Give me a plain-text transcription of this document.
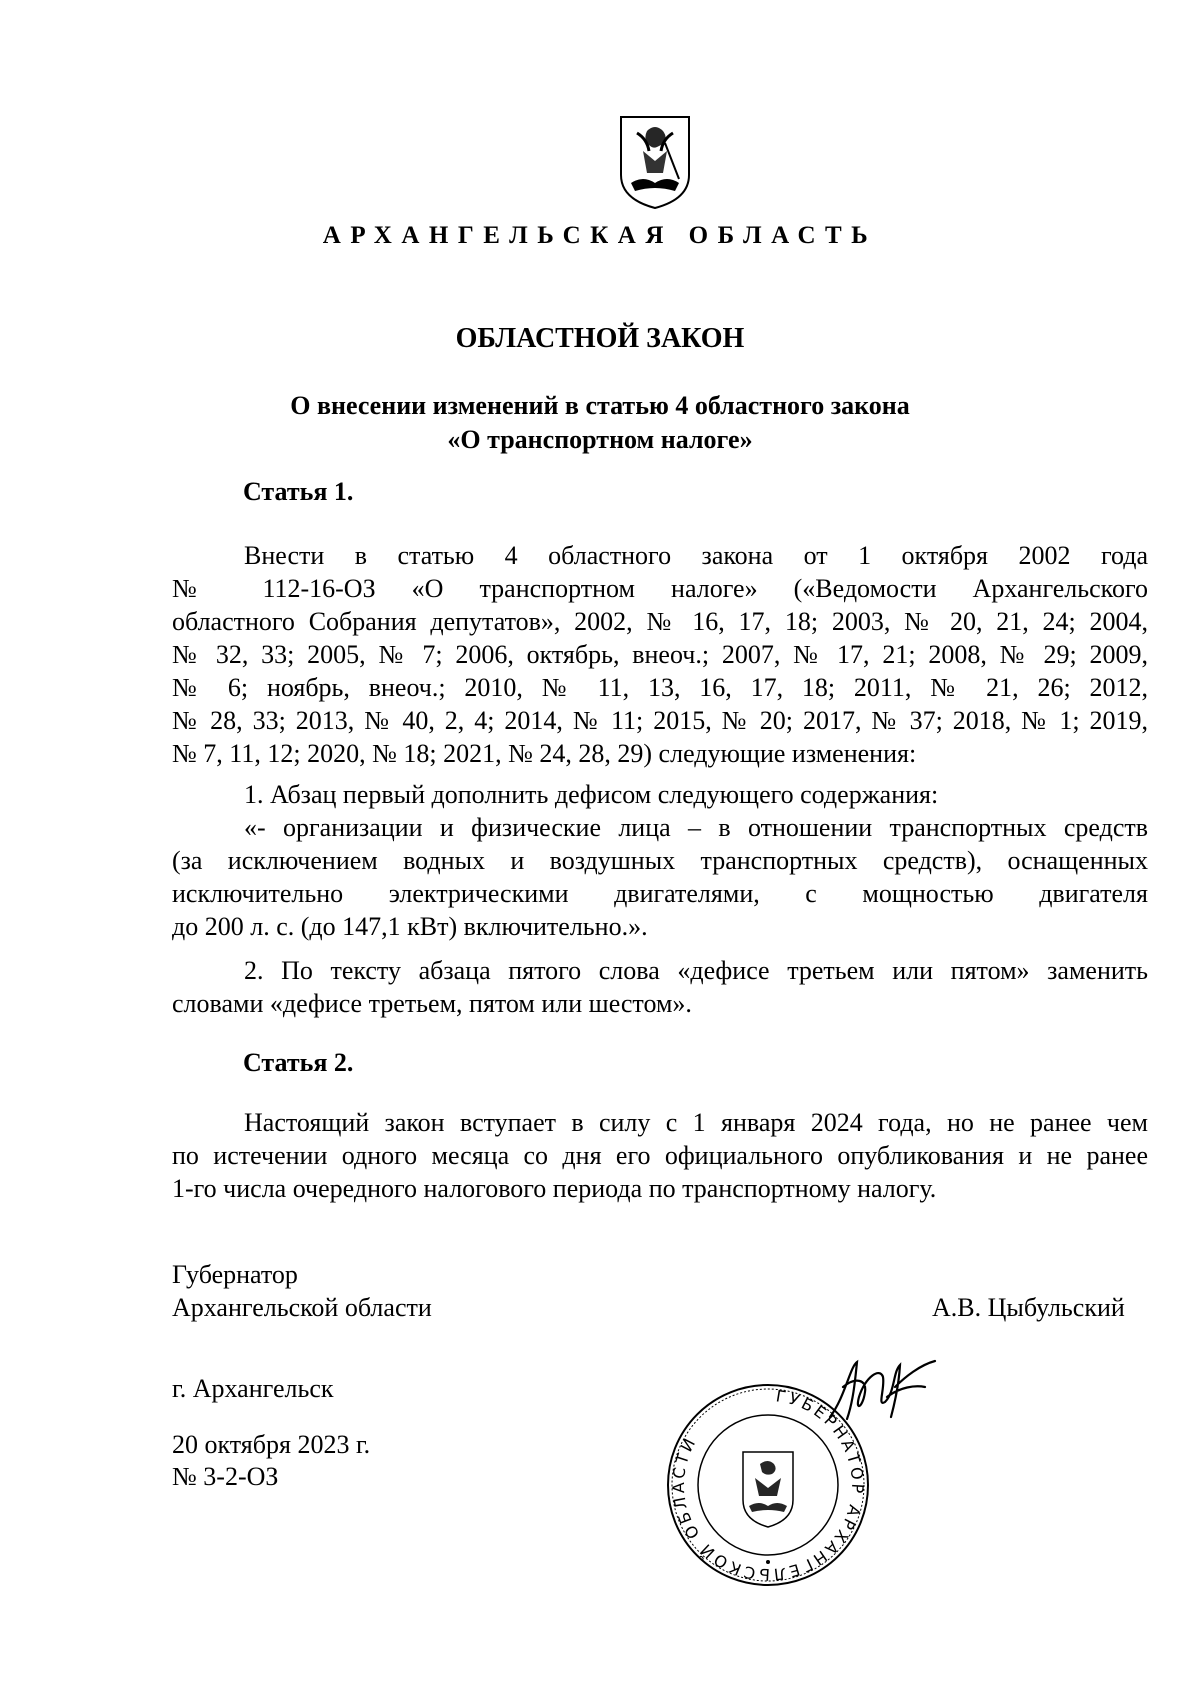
АРХАНГЕЛЬСКАЯ ОБЛАСТЬ
ОБЛАСТНОЙ ЗАКОН
О внесении изменений в статью 4 областного закона
«О транспортном налоге»
Статья 1.
Внести в статью 4 областного закона от 1 октября 2002 года
№ 112-16-ОЗ «О транспортном налоге» («Ведомости Архангельского
областного Собрания депутатов», 2002, № 16, 17, 18; 2003, № 20, 21, 24; 2004,
№ 32, 33; 2005, № 7; 2006, октябрь, внеоч.; 2007, № 17, 21; 2008, № 29; 2009,
№ 6; ноябрь, внеоч.; 2010, № 11, 13, 16, 17, 18; 2011, № 21, 26; 2012,
№ 28, 33; 2013, № 40, 2, 4; 2014, № 11; 2015, № 20; 2017, № 37; 2018, № 1; 2019,
№ 7, 11, 12; 2020, № 18; 2021, № 24, 28, 29) следующие изменения:
1. Абзац первый дополнить дефисом следующего содержания:
«- организации и физические лица – в отношении транспортных средств
(за исключением водных и воздушных транспортных средств), оснащенных
исключительно электрическими двигателями, с мощностью двигателя
до 200 л. с. (до 147,1 кВт) включительно.».
2. По тексту абзаца пятого слова «дефисе третьем или пятом» заменить
словами «дефисе третьем, пятом или шестом».
Статья 2.
Настоящий закон вступает в силу с 1 января 2024 года, но не ранее чем
по истечении одного месяца со дня его официального опубликования и не ранее
1-го числа очередного налогового периода по транспортному налогу.
Губернатор
Архангельской области	А.В. Цыбульский
ГУБЕРНАТОР АРХАНГЕЛЬСКОЙ ОБЛАСТИ
г. Архангельск
20 октября 2023 г.
№ 3-2-ОЗ
